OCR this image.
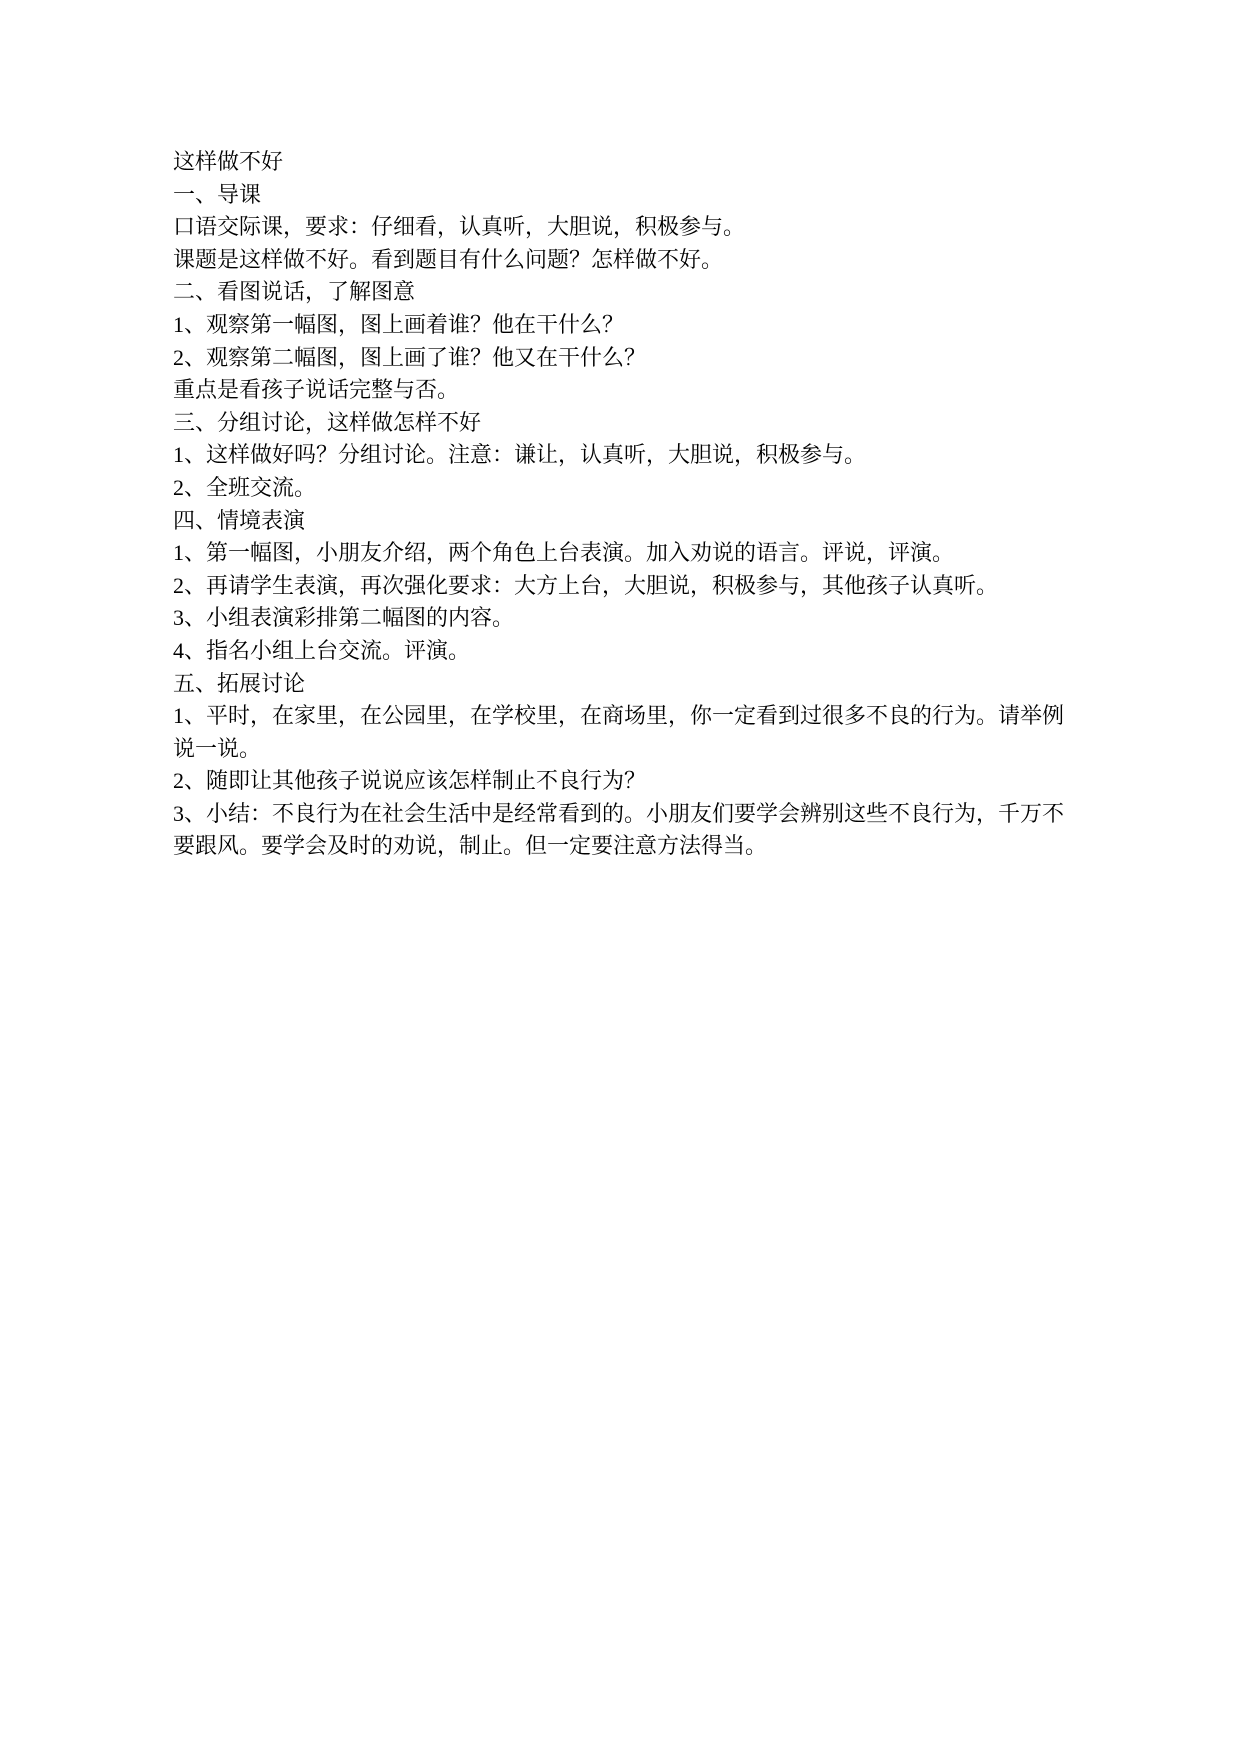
这样做不好

一、导课

口语交际课，要求：仔细看，认真听，大胆说，积极参与。

课题是这样做不好。看到题目有什么问题？怎样做不好。

二、看图说话，了解图意

1、观察第一幅图，图上画着谁？他在干什么？

2、观察第二幅图，图上画了谁？他又在干什么？

重点是看孩子说话完整与否。

三、分组讨论，这样做怎样不好

1、这样做好吗？分组讨论。注意：谦让，认真听，大胆说，积极参与。

2、全班交流。

四、情境表演

1、第一幅图，小朋友介绍，两个角色上台表演。加入劝说的语言。评说，评演。

2、再请学生表演，再次强化要求：大方上台，大胆说，积极参与，其他孩子认真听。

3、小组表演彩排第二幅图的内容。

4、指名小组上台交流。评演。

五、拓展讨论

1、平时，在家里，在公园里，在学校里，在商场里，你一定看到过很多不良的行为。请举例说一说。

2、随即让其他孩子说说应该怎样制止不良行为？

3、小结：不良行为在社会生活中是经常看到的。小朋友们要学会辨别这些不良行为，千万不要跟风。要学会及时的劝说，制止。但一定要注意方法得当。
